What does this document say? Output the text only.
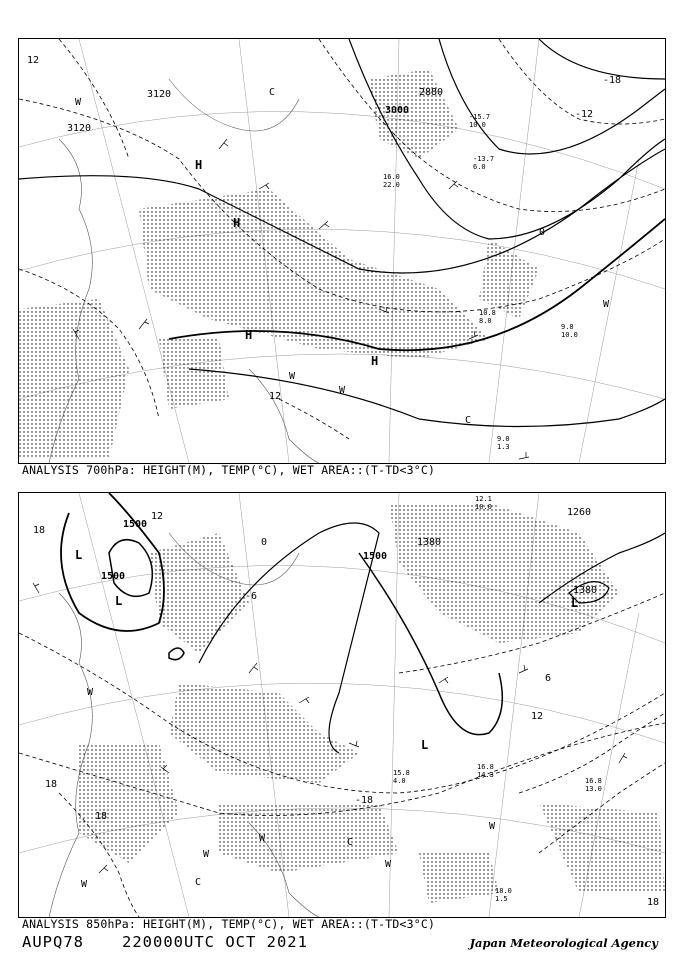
12
3120
3120
3000
2880
-18
-12
0
12
H
H
H
H
W
W
W
W
C
C
10.8
8.0
9.8
10.0
9.0
1.3
-15.7
10.0
-13.7
6.0
16.0
22.0
ANALYSIS 700hPa: HEIGHT(M), TEMP(°C), WET AREA::(T-TD<3°C)
1500
1500
1500
1380
1260
1380
18
12
0
-6
-18
12
18
18
18
6
L
L
L
L
W
W
W
W
W
W
C
C
16.8
13.0
18.0
1.5
15.8
4.0
16.8
14.3
12.1
10.0
ANALYSIS 850hPa: HEIGHT(M), TEMP(°C), WET AREA::(T-TD<3°C)
AUPQ78 220000UTC OCT 2021	Japan Meteorological Agency
